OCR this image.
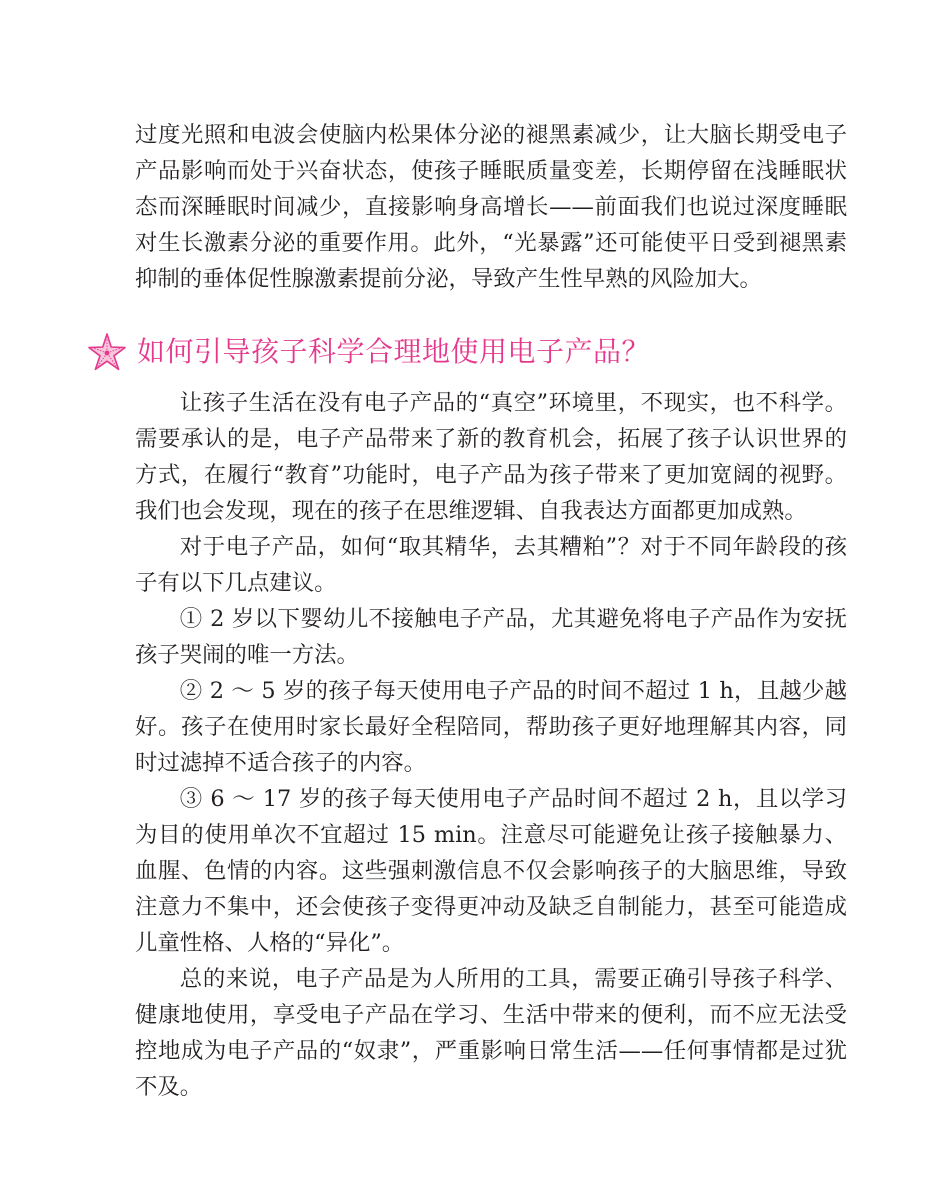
过度光照和电波会使脑内松果体分泌的褪黑素减少，让大脑长期受电子产品影响而处于兴奋状态，使孩子睡眠质量变差，长期停留在浅睡眠状态而深睡眠时间减少，直接影响身高增长——前面我们也说过深度睡眠对生长激素分泌的重要作用。此外，“光暴露”还可能使平日受到褪黑素抑制的垂体促性腺激素提前分泌，导致产生性早熟的风险加大。

如何引导孩子科学合理地使用电子产品？

让孩子生活在没有电子产品的“真空”环境里，不现实，也不科学。需要承认的是，电子产品带来了新的教育机会，拓展了孩子认识世界的方式，在履行“教育”功能时，电子产品为孩子带来了更加宽阔的视野。我们也会发现，现在的孩子在思维逻辑、自我表达方面都更加成熟。

对于电子产品，如何“取其精华，去其糟粕”？对于不同年龄段的孩子有以下几点建议。

① 2 岁以下婴幼儿不接触电子产品，尤其避免将电子产品作为安抚孩子哭闹的唯一方法。

② 2 ～ 5 岁的孩子每天使用电子产品的时间不超过 1 h，且越少越好。孩子在使用时家长最好全程陪同，帮助孩子更好地理解其内容，同时过滤掉不适合孩子的内容。

③ 6 ～ 17 岁的孩子每天使用电子产品时间不超过 2 h，且以学习为目的使用单次不宜超过 15 min。注意尽可能避免让孩子接触暴力、血腥、色情的内容。这些强刺激信息不仅会影响孩子的大脑思维，导致注意力不集中，还会使孩子变得更冲动及缺乏自制能力，甚至可能造成儿童性格、人格的“异化”。

总的来说，电子产品是为人所用的工具，需要正确引导孩子科学、健康地使用，享受电子产品在学习、生活中带来的便利，而不应无法受控地成为电子产品的“奴隶”，严重影响日常生活——任何事情都是过犹不及。
